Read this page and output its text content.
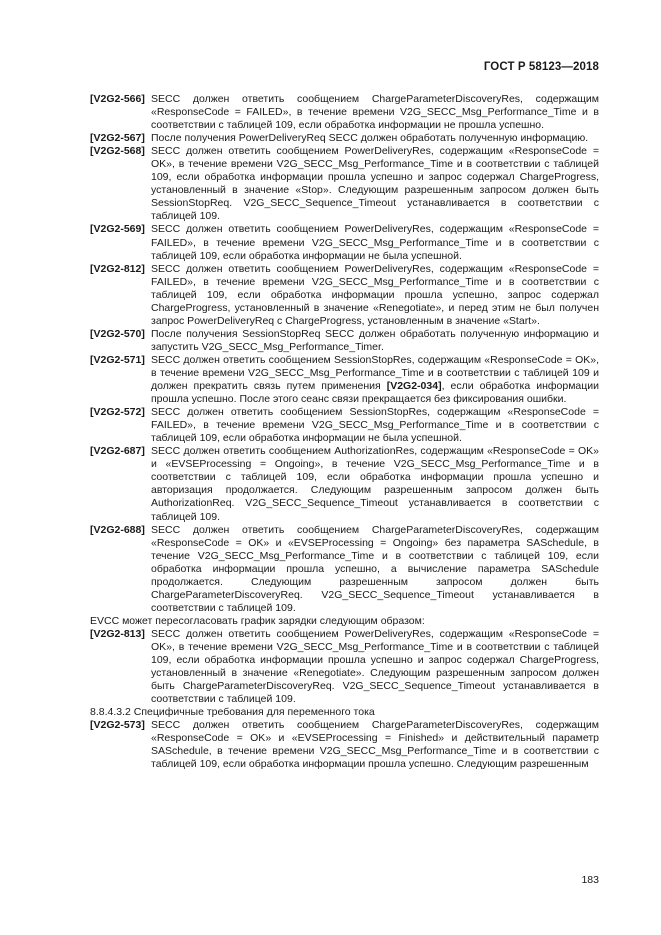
ГОСТ Р 58123—2018
[V2G2-566] SECC должен ответить сообщением ChargeParameterDiscoveryRes, содержащим «ResponseCode = FAILED», в течение времени V2G_SECC_Msg_Performance_Time и в соответствии с таблицей 109, если обработка информации не прошла успешно.
[V2G2-567] После получения PowerDeliveryReq SECC должен обработать полученную информацию.
[V2G2-568] SECC должен ответить сообщением PowerDeliveryRes, содержащим «ResponseCode = OK», в течение времени V2G_SECC_Msg_Performance_Time и в соответствии с таблицей 109, если обработка информации прошла успешно и запрос содержал ChargeProgress, установленный в значение «Stop». Следующим разрешенным запросом должен быть SessionStopReq. V2G_SECC_Sequence_Timeout устанавливается в соответствии с таблицей 109.
[V2G2-569] SECC должен ответить сообщением PowerDeliveryRes, содержащим «ResponseCode = FAILED», в течение времени V2G_SECC_Msg_Performance_Time и в соответствии с таблицей 109, если обработка информации не была успешной.
[V2G2-812] SECC должен ответить сообщением PowerDeliveryRes, содержащим «ResponseCode = FAILED», в течение времени V2G_SECC_Msg_Performance_Time и в соответствии с таблицей 109, если обработка информации прошла успешно, запрос содержал ChargeProgress, установленный в значение «Renegotiate», и перед этим не был получен запрос PowerDeliveryReq с ChargeProgress, установленным в значение «Start».
[V2G2-570] После получения SessionStopReq SECC должен обработать полученную информацию и запустить V2G_SECC_Msg_Performance_Timer.
[V2G2-571] SECC должен ответить сообщением SessionStopRes, содержащим «ResponseCode = OK», в течение времени V2G_SECC_Msg_Performance_Time и в соответствии с таблицей 109 и должен прекратить связь путем применения [V2G2-034], если обработка информации прошла успешно. После этого сеанс связи прекращается без фиксирования ошибки.
[V2G2-572] SECC должен ответить сообщением SessionStopRes, содержащим «ResponseCode = FAILED», в течение времени V2G_SECC_Msg_Performance_Time и в соответствии с таблицей 109, если обработка информации не была успешной.
[V2G2-687] SECC должен ответить сообщением AuthorizationRes, содержащим «ResponseCode = OK» и «EVSEProcessing = Ongoing», в течение V2G_SECC_Msg_Performance_Time и в соответствии с таблицей 109, если обработка информации прошла успешно и авторизация продолжается. Следующим разрешенным запросом должен быть AuthorizationReq. V2G_SECC_Sequence_Timeout устанавливается в соответствии с таблицей 109.
[V2G2-688] SECC должен ответить сообщением ChargeParameterDiscoveryRes, содержащим «ResponseCode = OK» и «EVSEProcessing = Ongoing» без параметра SASchedule, в течение V2G_SECC_Msg_Performance_Time и в соответствии с таблицей 109, если обработка информации прошла успешно, а вычисление параметра SASchedule продолжается. Следующим разрешенным запросом должен быть ChargeParameterDiscoveryReq. V2G_SECC_Sequence_Timeout устанавливается в соответствии с таблицей 109.
EVCC может пересогласовать график зарядки следующим образом:
[V2G2-813] SECC должен ответить сообщением PowerDeliveryRes, содержащим «ResponseCode = OK», в течение времени V2G_SECC_Msg_Performance_Time и в соответствии с таблицей 109, если обработка информации прошла успешно и запрос содержал ChargeProgress, установленный в значение «Renegotiate». Следующим разрешенным запросом должен быть ChargeParameterDiscoveryReq. V2G_SECC_Sequence_Timeout устанавливается в соответствии с таблицей 109.
8.8.4.3.2 Специфичные требования для переменного тока
[V2G2-573] SECC должен ответить сообщением ChargeParameterDiscoveryRes, содержащим «ResponseCode = OK» и «EVSEProcessing = Finished» и действительный параметр SASchedule, в течение времени V2G_SECC_Msg_Performance_Time и в соответствии с таблицей 109, если обработка информации прошла успешно. Следующим разрешенным
183
